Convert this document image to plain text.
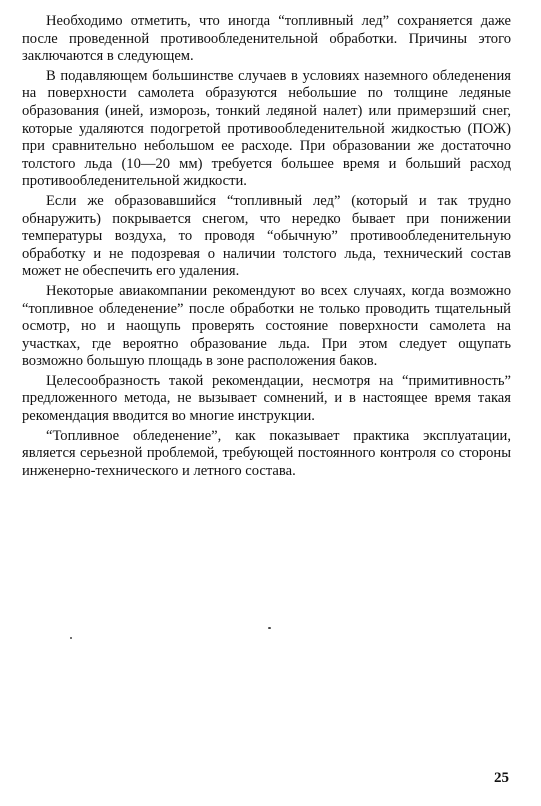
Необходимо отметить, что иногда “топливный лед” сохраняется даже после проведенной противообледенительной обработки. Причины этого заключаются в следующем.

В подавляющем большинстве случаев в условиях наземного обледенения на поверхности самолета образуются небольшие по толщине ледяные образования (иней, изморозь, тонкий ледяной налет) или примерзший снег, которые удаляются подогретой противообледенительной жидкостью (ПОЖ) при сравнительно небольшом ее расходе. При образовании же достаточно толстого льда (10—20 мм) требуется большее время и больший расход противообледенительной жидкости.

Если же образовавшийся “топливный лед” (который и так трудно обнаружить) покрывается снегом, что нередко бывает при понижении температуры воздуха, то проводя “обычную” противообледенительную обработку и не подозревая о наличии толстого льда, технический состав может не обеспечить его удаления.

Некоторые авиакомпании рекомендуют во всех случаях, когда возможно “топливное обледенение” после обработки не только проводить тщательный осмотр, но и наощупь проверять состояние поверхности самолета на участках, где вероятно образование льда. При этом следует ощупать возможно большую площадь в зоне расположения баков.

Целесообразность такой рекомендации, несмотря на “примитивность” предложенного метода, не вызывает сомнений, и в настоящее время такая рекомендация вводится во многие инструкции.

“Топливное обледенение”, как показывает практика эксплуатации, является серьезной проблемой, требующей постоянного контроля со стороны инженерно-технического и летного состава.

25
